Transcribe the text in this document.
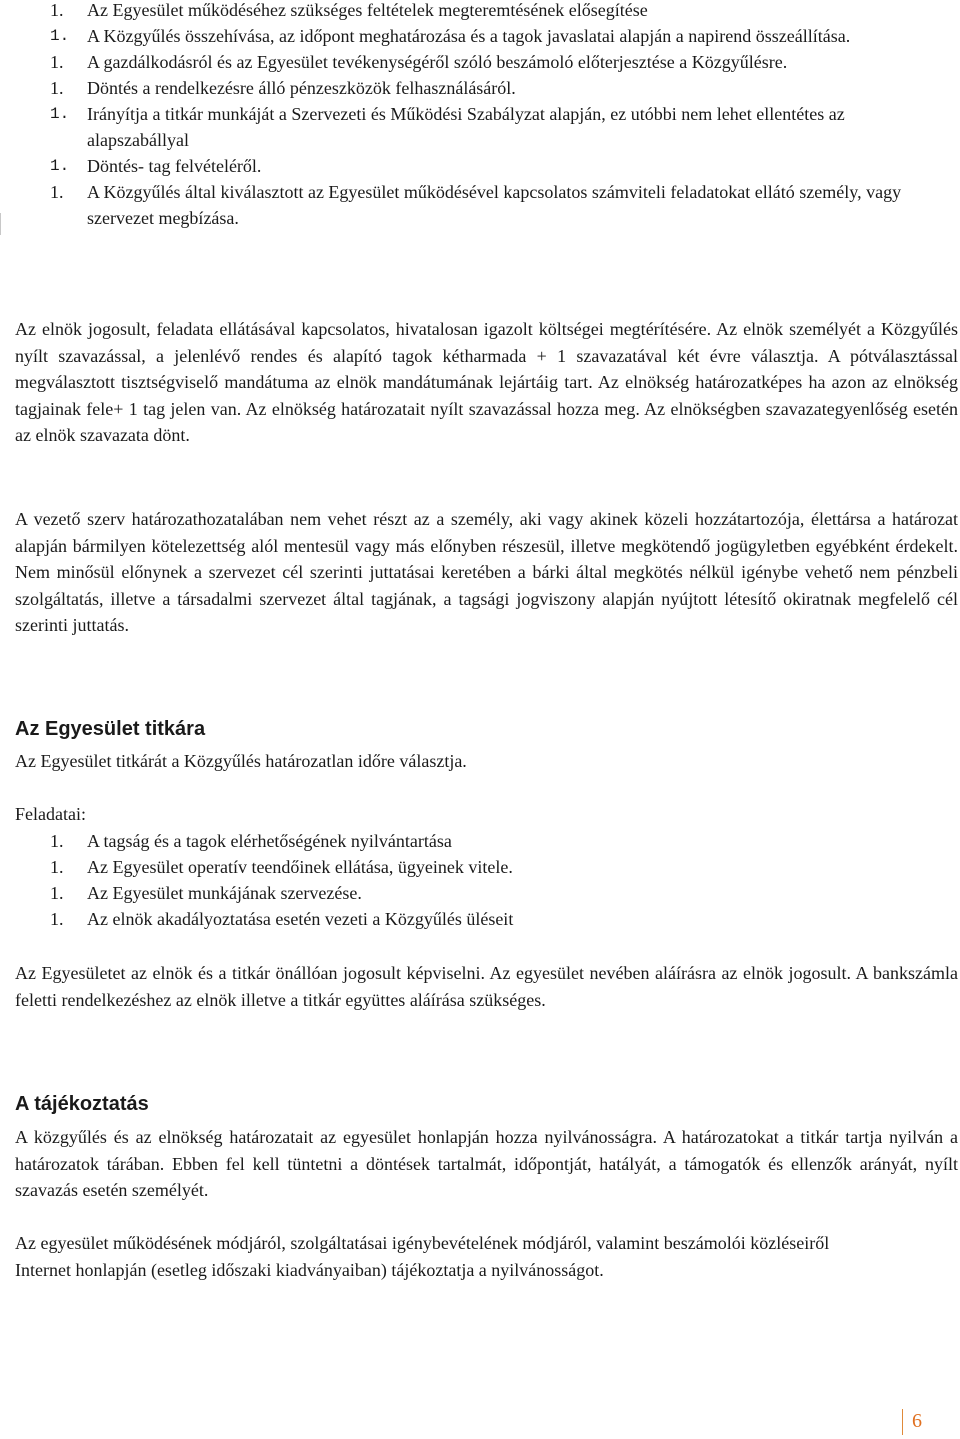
1.	Az Egyesület működéséhez szükséges feltételek megteremtésének elősegítése
1. A Közgyűlés összehívása, az időpont meghatározása és a tagok javaslatai alapján a napirend összeállítása.
1.	A gazdálkodásról és az Egyesület tevékenységéről szóló beszámoló előterjesztése a Közgyűlésre.
1.	Döntés a rendelkezésre álló pénzeszközök felhasználásáról.
1. Irányítja a titkár munkáját a Szervezeti és Működési Szabályzat alapján, ez utóbbi nem lehet ellentétes az alapszabállyal
1. Döntés- tag felvételéről.
1.	A Közgyűlés által kiválasztott az Egyesület működésével kapcsolatos számviteli feladatokat ellátó személy, vagy szervezet megbízása.

Az elnök jogosult, feladata ellátásával kapcsolatos, hivatalosan igazolt költségei megtérítésére. Az elnök személyét a Közgyűlés nyílt szavazással, a jelenlévő rendes és alapító tagok kétharmada + 1 szavazatával két évre választja. A pótválasztással megválasztott tisztségviselő mandátuma az elnök mandátumának lejártáig tart. Az elnökség határozatképes ha azon az elnökség tagjainak fele+ 1 tag jelen van. Az elnökség határozatait nyílt szavazással hozza meg. Az elnökségben szavazategyenlőség esetén az elnök szavazata dönt.

A vezető szerv határozathozatalában nem vehet részt az a személy, aki vagy akinek közeli hozzátartozója, élettársa a határozat alapján bármilyen kötelezettség alól mentesül vagy más előnyben részesül, illetve megkötendő jogügyletben egyébként érdekelt. Nem minősül előnynek a szervezet cél szerinti juttatásai keretében a bárki által megkötés nélkül igénybe vehető nem pénzbeli szolgáltatás, illetve a társadalmi szervezet által tagjának, a tagsági jogviszony alapján nyújtott létesítő okiratnak megfelelő cél szerinti juttatás.

Az Egyesület titkára

Az Egyesület titkárát a Közgyűlés határozatlan időre választja.

Feladatai:

1.	A tagság és a tagok elérhetőségének nyilvántartása
1.	Az Egyesület operatív teendőinek ellátása, ügyeinek vitele.
1.	Az Egyesület munkájának szervezése.
1.	Az elnök akadályoztatása esetén vezeti a Közgyűlés üléseit

Az Egyesületet az elnök és a titkár önállóan jogosult képviselni. Az egyesület nevében aláírásra az elnök jogosult. A bankszámla feletti rendelkezéshez az elnök illetve a titkár együttes aláírása szükséges.

A tájékoztatás

A közgyűlés és az elnökség határozatait az egyesület honlapján hozza nyilvánosságra. A határozatokat a titkár tartja nyilván a határozatok tárában. Ebben fel kell tüntetni a döntések tartalmát, időpontját, hatályát, a támogatók és ellenzők arányát, nyílt szavazás esetén személyét.

Az egyesület működésének módjáról, szolgáltatásai igénybevételének módjáról, valamint beszámolói közléseiről Internet honlapján (esetleg időszaki kiadványaiban) tájékoztatja a nyilvánosságot.

6
